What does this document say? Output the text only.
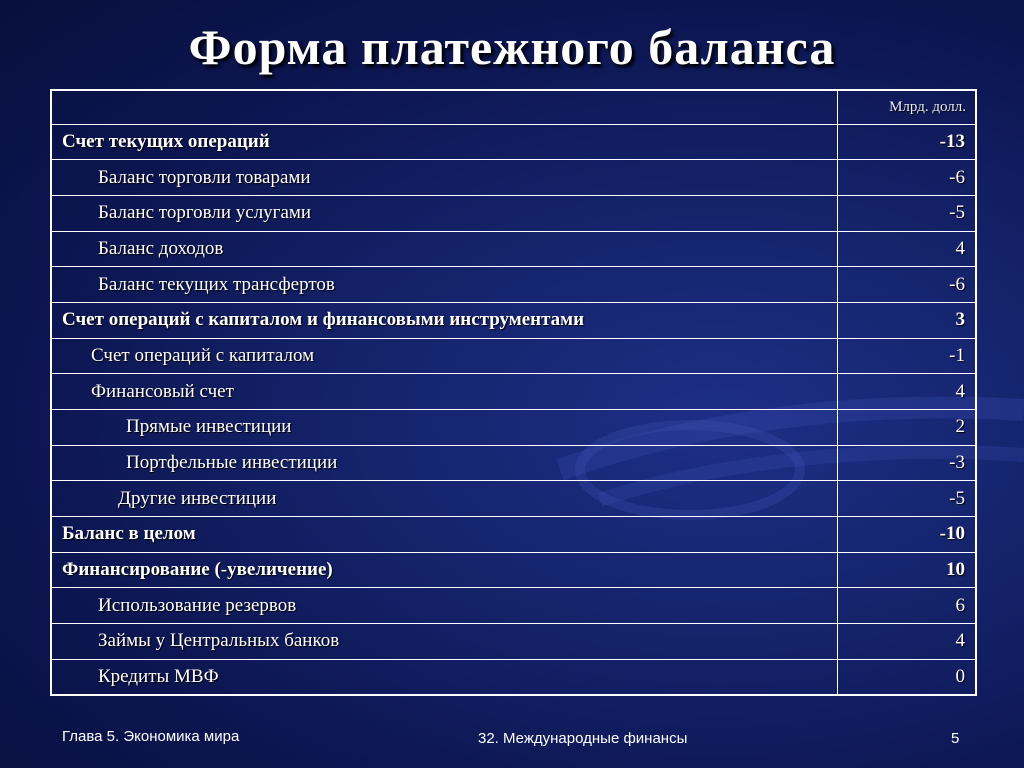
Форма платежного баланса
	Млрд. долл.
Счет текущих операций	-13
Баланс торговли товарами	-6
Баланс торговли услугами	-5
Баланс доходов	4
Баланс текущих трансфертов	-6
Счет операций с капиталом и финансовыми инструментами	3
Счет операций с капиталом	-1
Финансовый счет	4
Прямые инвестиции	2
Портфельные инвестиции	-3
Другие инвестиции	-5
Баланс в целом	-10
Финансирование (-увеличение)	10
Использование резервов	6
Займы у Центральных банков	4
Кредиты МВФ	0
Глава 5. Экономика мира	32. Международные финансы	5
